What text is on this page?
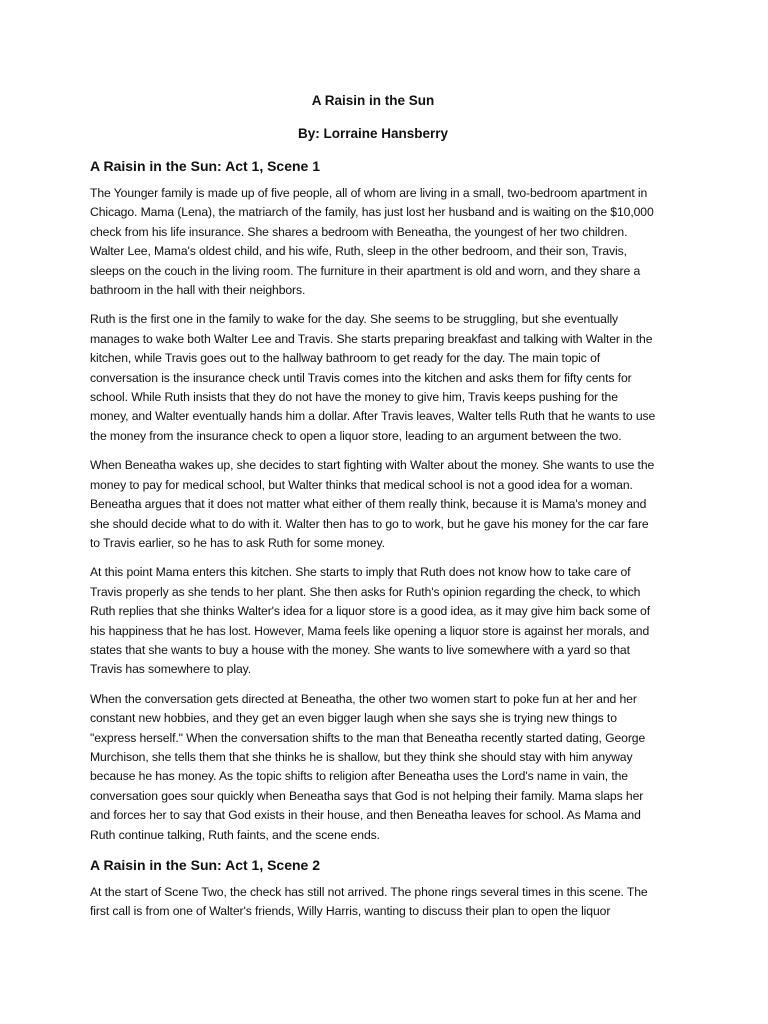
A Raisin in the Sun
By: Lorraine Hansberry
A Raisin in the Sun: Act 1, Scene 1

The Younger family is made up of five people, all of whom are living in a small, two-bedroom apartment in Chicago. Mama (Lena), the matriarch of the family, has just lost her husband and is waiting on the $10,000 check from his life insurance. She shares a bedroom with Beneatha, the youngest of her two children. Walter Lee, Mama's oldest child, and his wife, Ruth, sleep in the other bedroom, and their son, Travis, sleeps on the couch in the living room. The furniture in their apartment is old and worn, and they share a bathroom in the hall with their neighbors.

Ruth is the first one in the family to wake for the day. She seems to be struggling, but she eventually manages to wake both Walter Lee and Travis. She starts preparing breakfast and talking with Walter in the kitchen, while Travis goes out to the hallway bathroom to get ready for the day. The main topic of conversation is the insurance check until Travis comes into the kitchen and asks them for fifty cents for school. While Ruth insists that they do not have the money to give him, Travis keeps pushing for the money, and Walter eventually hands him a dollar. After Travis leaves, Walter tells Ruth that he wants to use the money from the insurance check to open a liquor store, leading to an argument between the two.

When Beneatha wakes up, she decides to start fighting with Walter about the money. She wants to use the money to pay for medical school, but Walter thinks that medical school is not a good idea for a woman. Beneatha argues that it does not matter what either of them really think, because it is Mama's money and she should decide what to do with it. Walter then has to go to work, but he gave his money for the car fare to Travis earlier, so he has to ask Ruth for some money.

At this point Mama enters this kitchen. She starts to imply that Ruth does not know how to take care of Travis properly as she tends to her plant. She then asks for Ruth's opinion regarding the check, to which Ruth replies that she thinks Walter's idea for a liquor store is a good idea, as it may give him back some of his happiness that he has lost. However, Mama feels like opening a liquor store is against her morals, and states that she wants to buy a house with the money. She wants to live somewhere with a yard so that Travis has somewhere to play.

When the conversation gets directed at Beneatha, the other two women start to poke fun at her and her constant new hobbies, and they get an even bigger laugh when she says she is trying new things to "express herself." When the conversation shifts to the man that Beneatha recently started dating, George Murchison, she tells them that she thinks he is shallow, but they think she should stay with him anyway because he has money. As the topic shifts to religion after Beneatha uses the Lord's name in vain, the conversation goes sour quickly when Beneatha says that God is not helping their family. Mama slaps her and forces her to say that God exists in their house, and then Beneatha leaves for school. As Mama and Ruth continue talking, Ruth faints, and the scene ends.

A Raisin in the Sun: Act 1, Scene 2

At the start of Scene Two, the check has still not arrived. The phone rings several times in this scene. The first call is from one of Walter's friends, Willy Harris, wanting to discuss their plan to open the liquor
